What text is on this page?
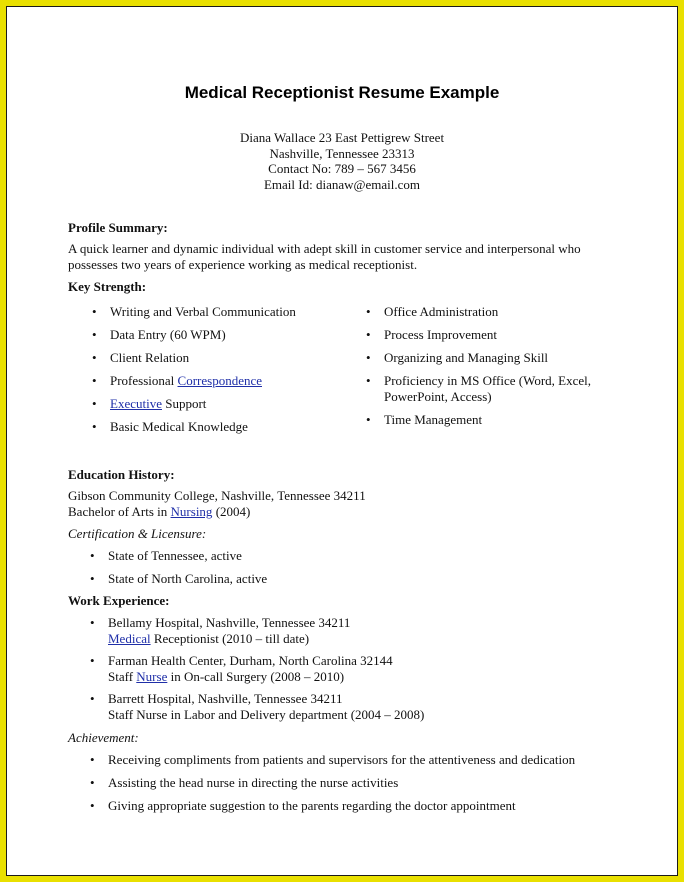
Medical Receptionist Resume Example
Diana Wallace 23 East Pettigrew Street
Nashville, Tennessee 23313
Contact No: 789 – 567 3456
Email Id: dianaw@email.com
Profile Summary:
A quick learner and dynamic individual with adept skill in customer service and interpersonal who
possesses two years of experience working as medical receptionist.
Key Strength:
• Writing and Verbal Communication
• Data Entry (60 WPM)
• Client Relation
• Professional Correspondence
• Executive Support
• Basic Medical Knowledge
• Office Administration
• Process Improvement
• Organizing and Managing Skill
• Proficiency in MS Office (Word, Excel,
PowerPoint, Access)
• Time Management
Education History:
Gibson Community College, Nashville, Tennessee 34211
Bachelor of Arts in Nursing (2004)
Certification & Licensure:
• State of Tennessee, active
• State of North Carolina, active
Work Experience:
• Bellamy Hospital, Nashville, Tennessee 34211
Medical Receptionist (2010 – till date)
• Farman Health Center, Durham, North Carolina 32144
Staff Nurse in On-call Surgery (2008 – 2010)
• Barrett Hospital, Nashville, Tennessee 34211
Staff Nurse in Labor and Delivery department (2004 – 2008)
Achievement:
• Receiving compliments from patients and supervisors for the attentiveness and dedication
• Assisting the head nurse in directing the nurse activities
• Giving appropriate suggestion to the parents regarding the doctor appointment
